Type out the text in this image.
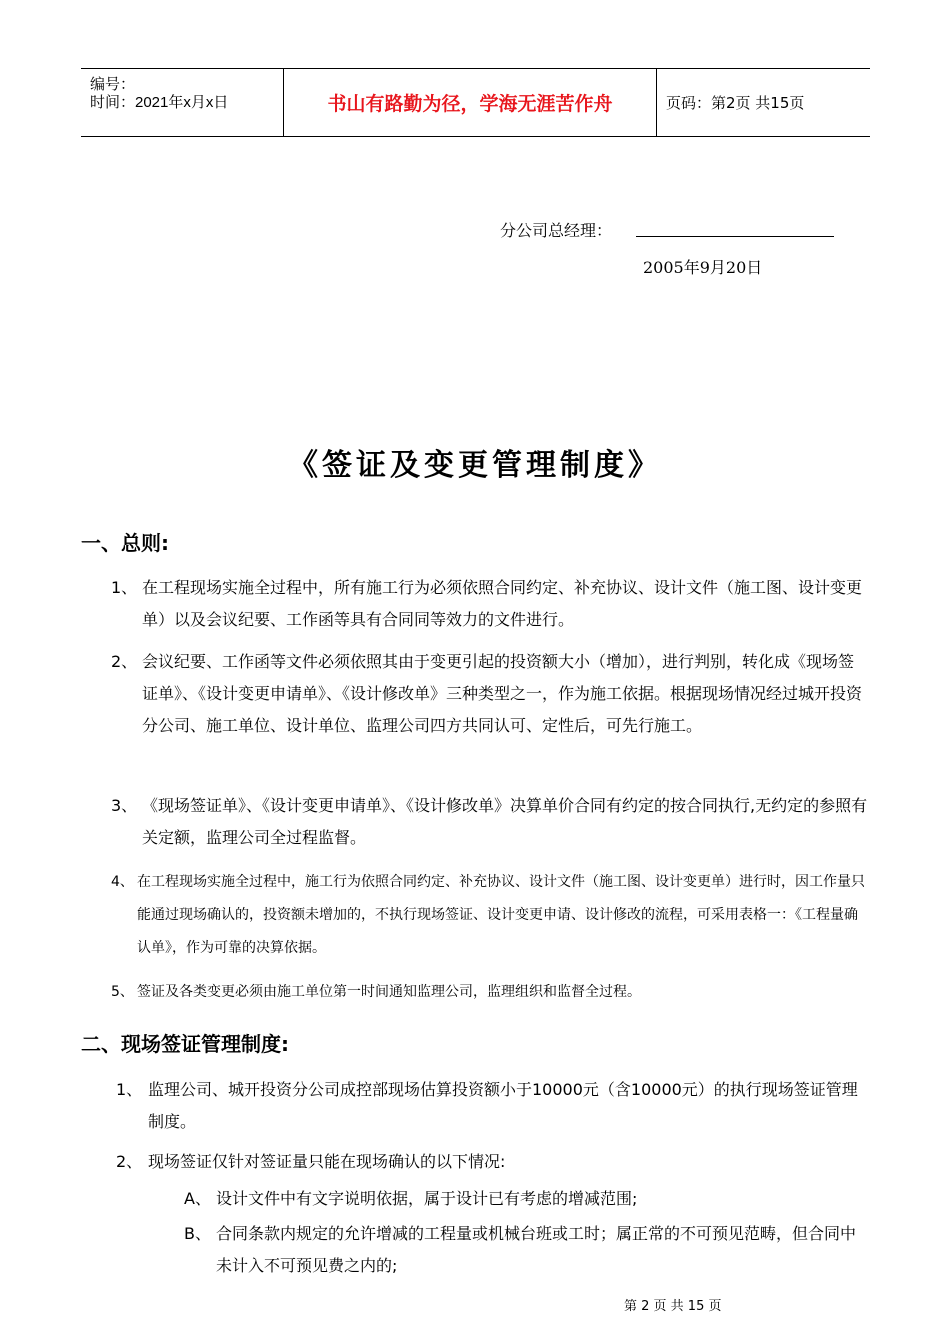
编号：
时间：2021年x月x日	书山有路勤为径，学海无涯苦作舟	页码：第2页 共15页
分公司总经理：
2005年9月20日
《签证及变更管理制度》
一、总则:
1、 在工程现场实施全过程中，所有施工行为必须依照合同约定、补充协议、设计文件（施工图、设计变更单）以及会议纪要、工作函等具有合同同等效力的文件进行。
2、 会议纪要、工作函等文件必须依照其由于变更引起的投资额大小（增加），进行判别，转化成《现场签证单》、《设计变更申请单》、《设计修改单》三种类型之一，作为施工依据。根据现场情况经过城开投资分公司、施工单位、设计单位、监理公司四方共同认可、定性后，可先行施工。
3、 《现场签证单》、《设计变更申请单》、《设计修改单》决算单价合同有约定的按合同执行,无约定的参照有关定额，监理公司全过程监督。
4、 在工程现场实施全过程中，施工行为依照合同约定、补充协议、设计文件（施工图、设计变更单）进行时，因工作量只能通过现场确认的，投资额未增加的，不执行现场签证、设计变更申请、设计修改的流程，可采用表格一：《工程量确认单》，作为可靠的决算依据。
5、 签证及各类变更必须由施工单位第一时间通知监理公司，监理组织和监督全过程。
二、现场签证管理制度:
1、 监理公司、城开投资分公司成控部现场估算投资额小于10000元（含10000元）的执行现场签证管理制度。
2、 现场签证仅针对签证量只能在现场确认的以下情况:
A、 设计文件中有文字说明依据，属于设计已有考虑的增减范围;
B、 合同条款内规定的允许增减的工程量或机械台班或工时；属正常的不可预见范畴，但合同中未计入不可预见费之内的;
第 2 页 共 15 页
